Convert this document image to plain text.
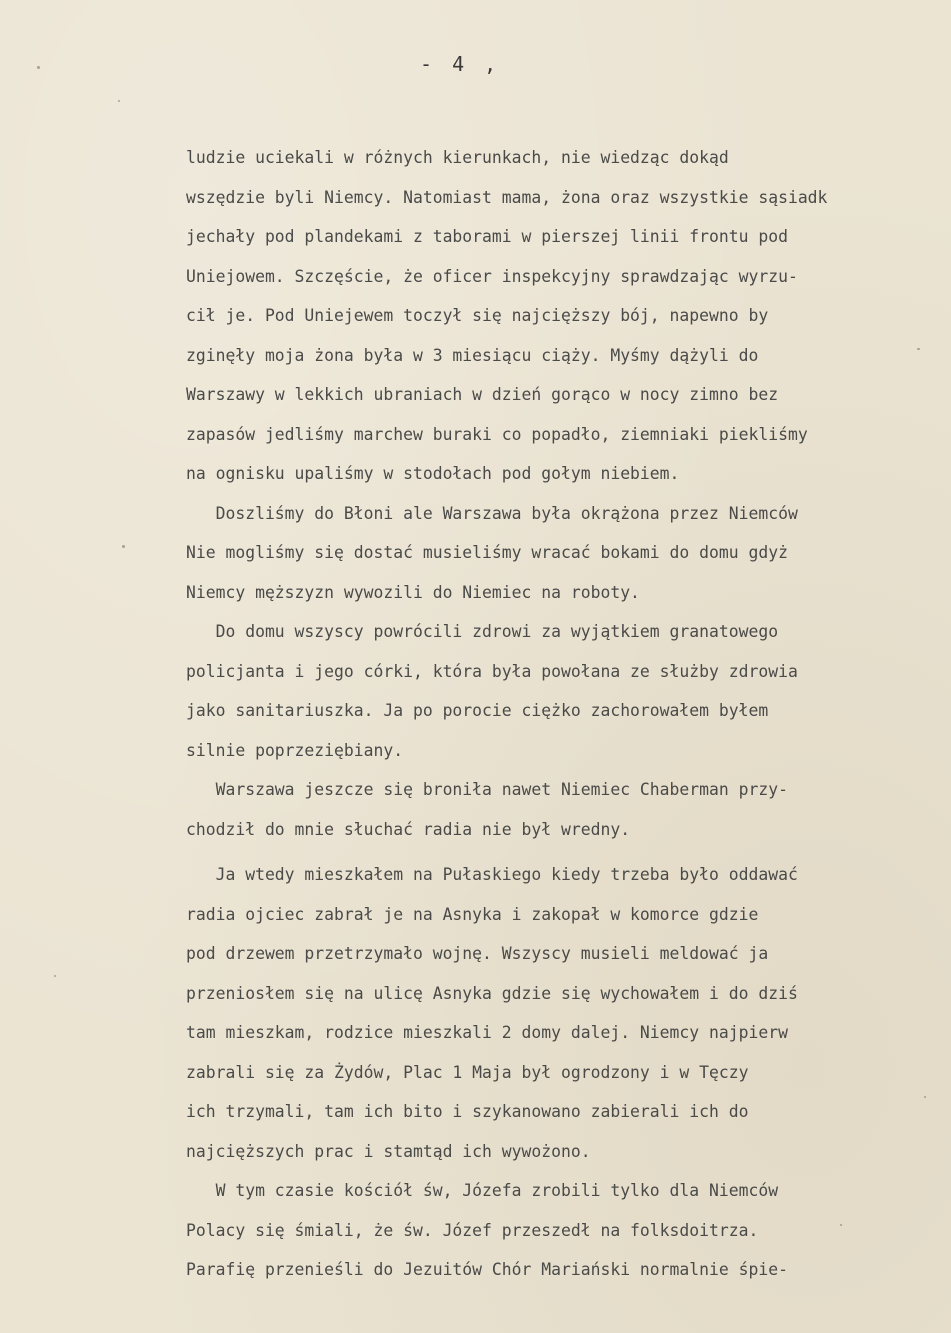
- 4 ,
ludzie uciekali w różnych kierunkach, nie wiedząc dokąd
wszędzie byli Niemcy. Natomiast mama, żona oraz wszystkie sąsiadk
jechały pod plandekami z taborami w pierszej linii frontu pod
Uniejowem. Szczęście, że oficer inspekcyjny sprawdzając wyrzu-
cił je. Pod Uniejewem toczył się najcięższy bój, napewno by
zginęły moja żona była w 3 miesiącu ciąży. Myśmy dążyli do
Warszawy w lekkich ubraniach w dzień gorąco w nocy zimno bez
zapasów jedliśmy marchew buraki co popadło, ziemniaki piekliśmy
na ognisku upaliśmy w stodołach pod gołym niebiem.
Doszliśmy do Błoni ale Warszawa była okrążona przez Niemców
Nie mogliśmy się dostać musieliśmy wracać bokami do domu gdyż
Niemcy męższyzn wywozili do Niemiec na roboty.
Do domu wszyscy powrócili zdrowi za wyjątkiem granatowego
policjanta i jego córki, która była powołana ze służby zdrowia
jako sanitariuszka. Ja po porocie ciężko zachorowałem byłem
silnie poprzeziębiany.
Warszawa jeszcze się broniła nawet Niemiec Chaberman przy-
chodził do mnie słuchać radia nie był wredny.
Ja wtedy mieszkałem na Pułaskiego kiedy trzeba było oddawać
radia ojciec zabrał je na Asnyka i zakopał w komorce gdzie
pod drzewem przetrzymało wojnę. Wszyscy musieli meldować ja
przeniosłem się na ulicę Asnyka gdzie się wychowałem i do dziś
tam mieszkam, rodzice mieszkali 2 domy dalej. Niemcy najpierw
zabrali się za Żydów, Plac 1 Maja był ogrodzony i w Tęczy
ich trzymali, tam ich bito i szykanowano zabierali ich do
najcięższych prac i stamtąd ich wywożono.
W tym czasie kościół św, Józefa zrobili tylko dla Niemców
Polacy się śmiali, że św. Józef przeszedł na folksdoitrza.
Parafię przenieśli do Jezuitów Chór Mariański normalnie śpie-
